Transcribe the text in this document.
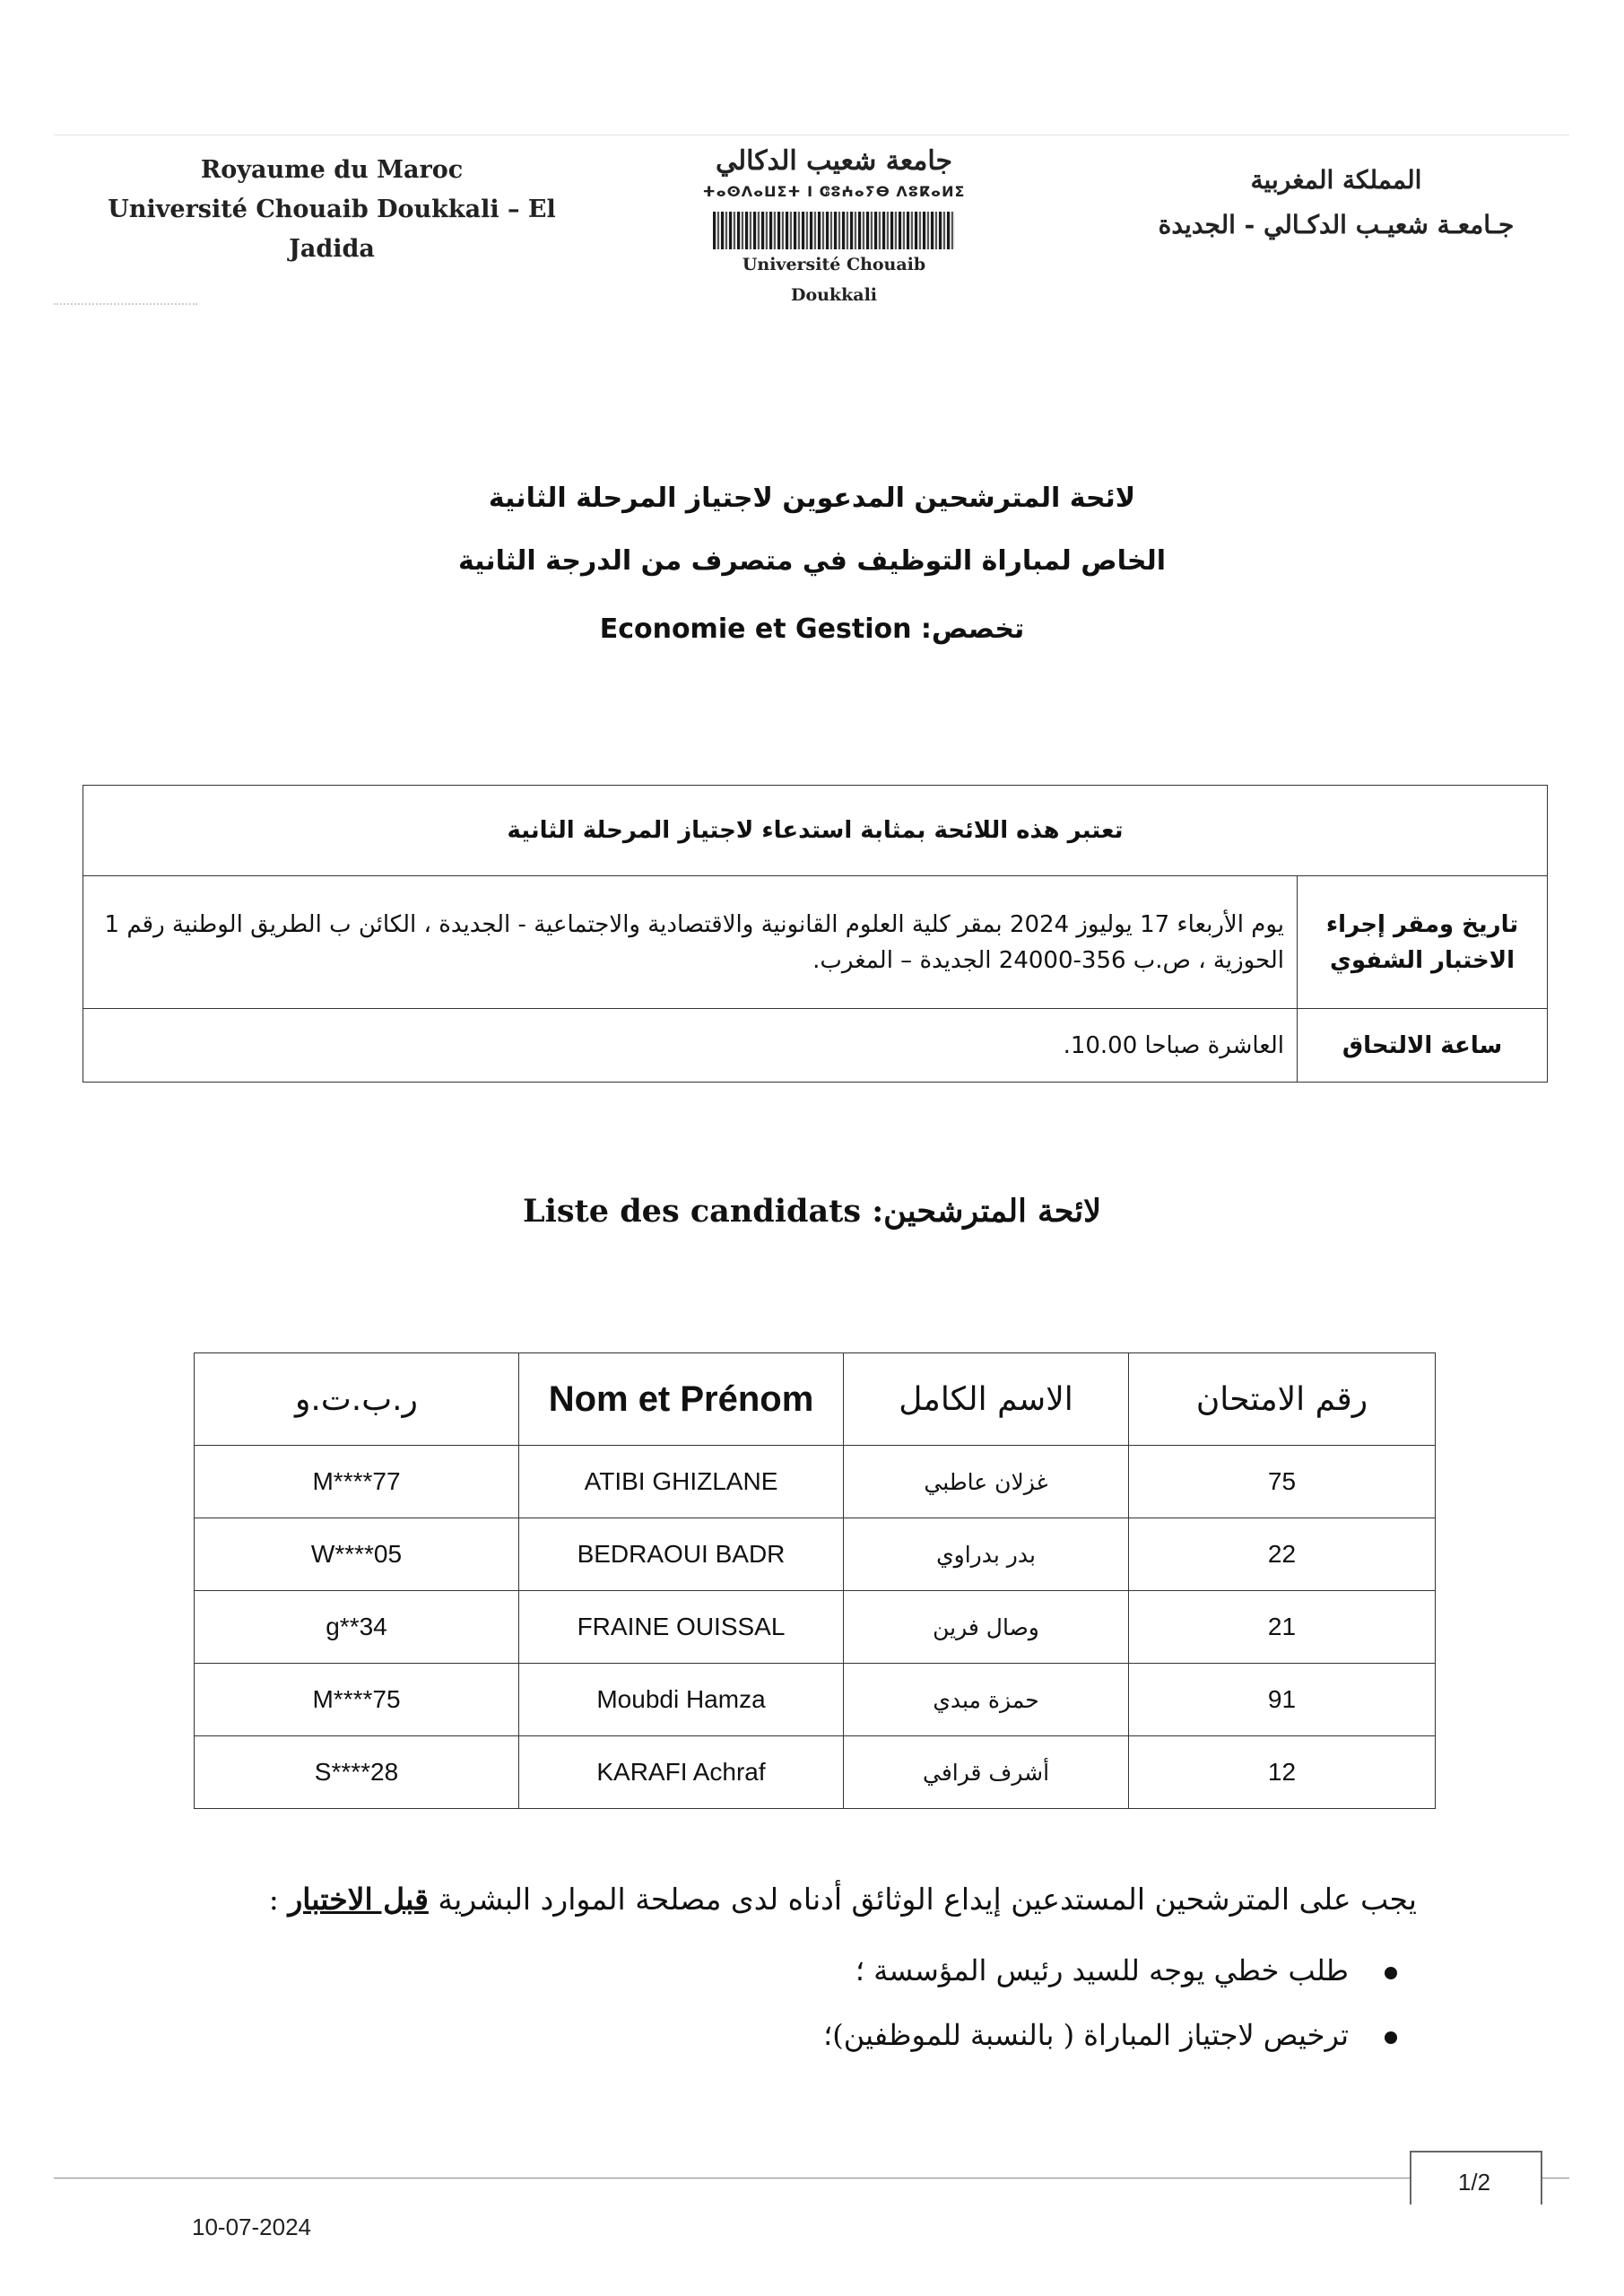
Royaume du Maroc
Université Chouaib Doukkali – El Jadida
جامعة شعيب الدكالي
ⵜⴰⵙⴷⴰⵡⵉⵜ ⵏ ⵛⵓⵄⴰⵢⴱ ⴷⵓⴽⴰⵍⵉ
Université Chouaib Doukkali
المملكة المغربية
جـامعـة شعيـب الدكـالي - الجديدة
لائحة المترشحين المدعوين لاجتياز المرحلة الثانية
الخاص لمباراة التوظيف في متصرف من الدرجة الثانية
تخصص: Economie et Gestion
تعتبر هذه اللائحة بمثابة استدعاء لاجتياز المرحلة الثانية	
تاريخ ومقر إجراء الاختبار الشفوي	يوم الأربعاء 17 يوليوز 2024 بمقر كلية العلوم القانونية والاقتصادية والاجتماعية - الجديدة ، الكائن ب الطريق الوطنية رقم 1 الحوزية ، ص.ب 356-24000 الجديدة – المغرب.
ساعة الالتحاق	العاشرة صباحا 10.00.
لائحة المترشحين: Liste des candidats
رقم الامتحان	الاسم الكامل	Nom et Prénom	ر.ب.ت.و
75	غزلان عاطبي	ATIBI GHIZLANE	M****77
22	بدر بدراوي	BEDRAOUI BADR	W****05
21	وصال فرين	FRAINE OUISSAL	g**34
91	حمزة مبدي	Moubdi Hamza	M****75
12	أشرف قرافي	KARAFI Achraf	S****28
يجب على المترشحين المستدعين إيداع الوثائق أدناه لدى مصلحة الموارد البشرية قبل الاختبار :
طلب خطي يوجه للسيد رئيس المؤسسة ؛
ترخيص لاجتياز المباراة ( بالنسبة للموظفين)؛
1/2
10-07-2024
